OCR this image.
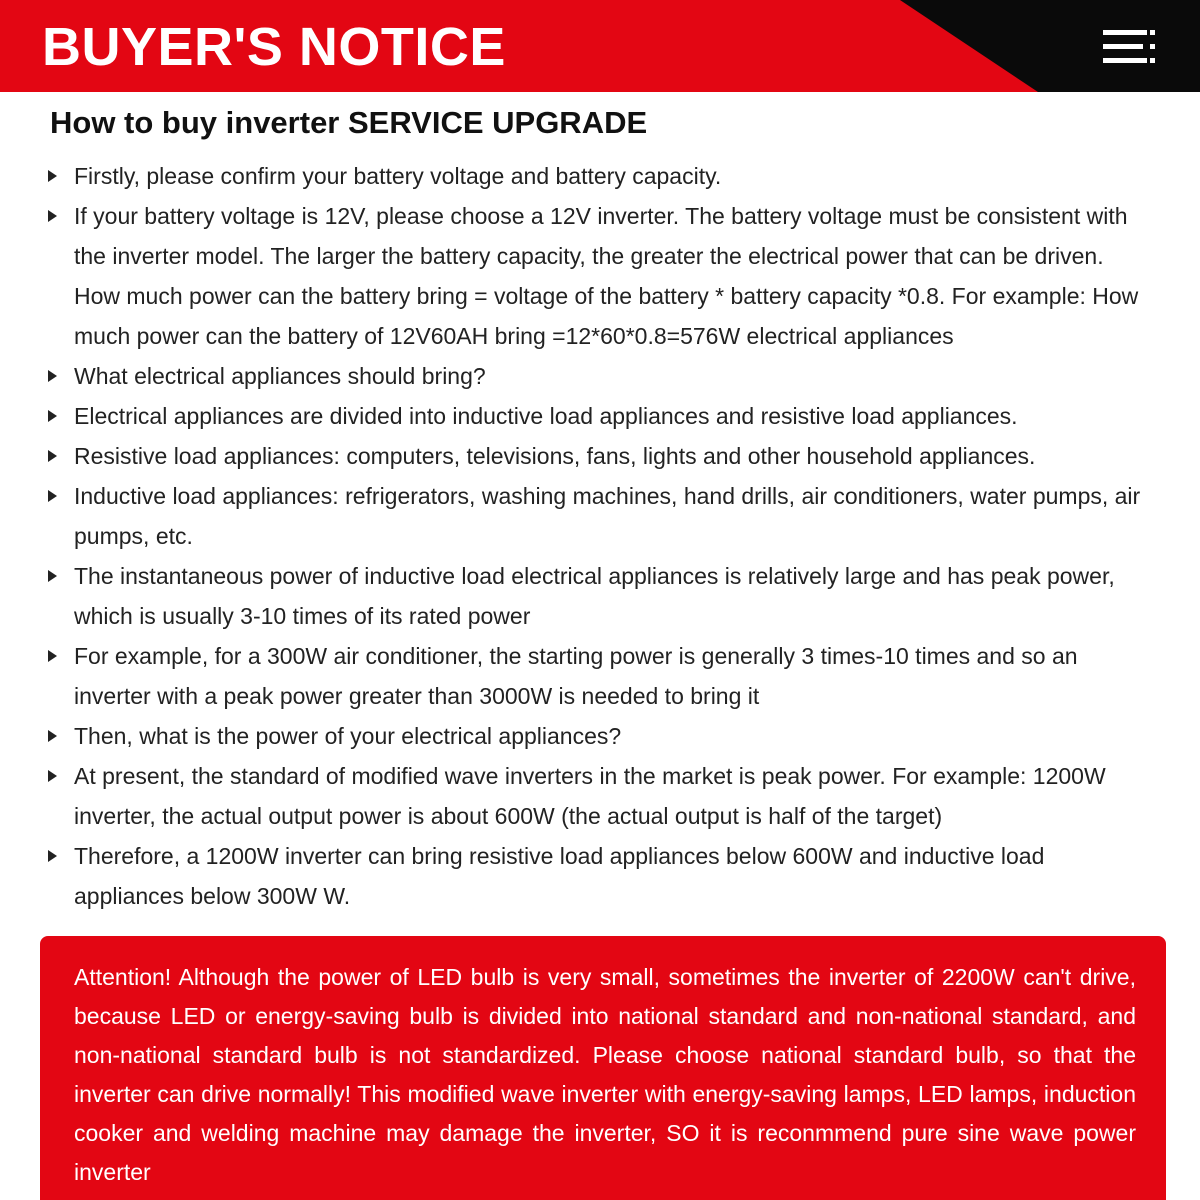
BUYER'S NOTICE
How to buy inverter SERVICE UPGRADE
Firstly, please confirm your battery voltage and battery capacity.
If your battery voltage is 12V, please choose a 12V inverter. The battery voltage must be consistent with the inverter model. The larger the battery capacity, the greater the electrical power that can be driven. How much power can the battery bring = voltage of the battery * battery capacity *0.8. For example: How much power can the battery of 12V60AH bring =12*60*0.8=576W electrical appliances
What electrical appliances should bring?
Electrical appliances are divided into inductive load appliances and resistive load appliances.
Resistive load appliances: computers, televisions, fans, lights and other household appliances.
Inductive load appliances: refrigerators, washing machines, hand drills, air conditioners, water pumps, air pumps, etc.
The instantaneous power of inductive load electrical appliances is relatively large and has peak power, which is usually 3-10 times of its rated power
For example, for a 300W air conditioner, the starting power is generally 3 times-10 times and so an inverter with a peak power greater than 3000W is needed to bring it
Then, what is the power of your electrical appliances?
At present, the standard of modified wave inverters in the market is peak power. For example: 1200W inverter, the actual output power is about 600W (the actual output is half of the target)
Therefore, a 1200W inverter can bring resistive load appliances below 600W and inductive load appliances below 300W W.
Attention! Although the power of LED bulb is very small, sometimes the inverter of 2200W can't drive, because LED or energy-saving bulb is divided into national standard and non-national standard, and non-national standard bulb is not standardized. Please choose national standard bulb, so that the inverter can drive normally! This modified wave inverter with energy-saving lamps, LED lamps, induction cooker and welding machine may damage the inverter, SO it is reconmmend pure sine wave power inverter
